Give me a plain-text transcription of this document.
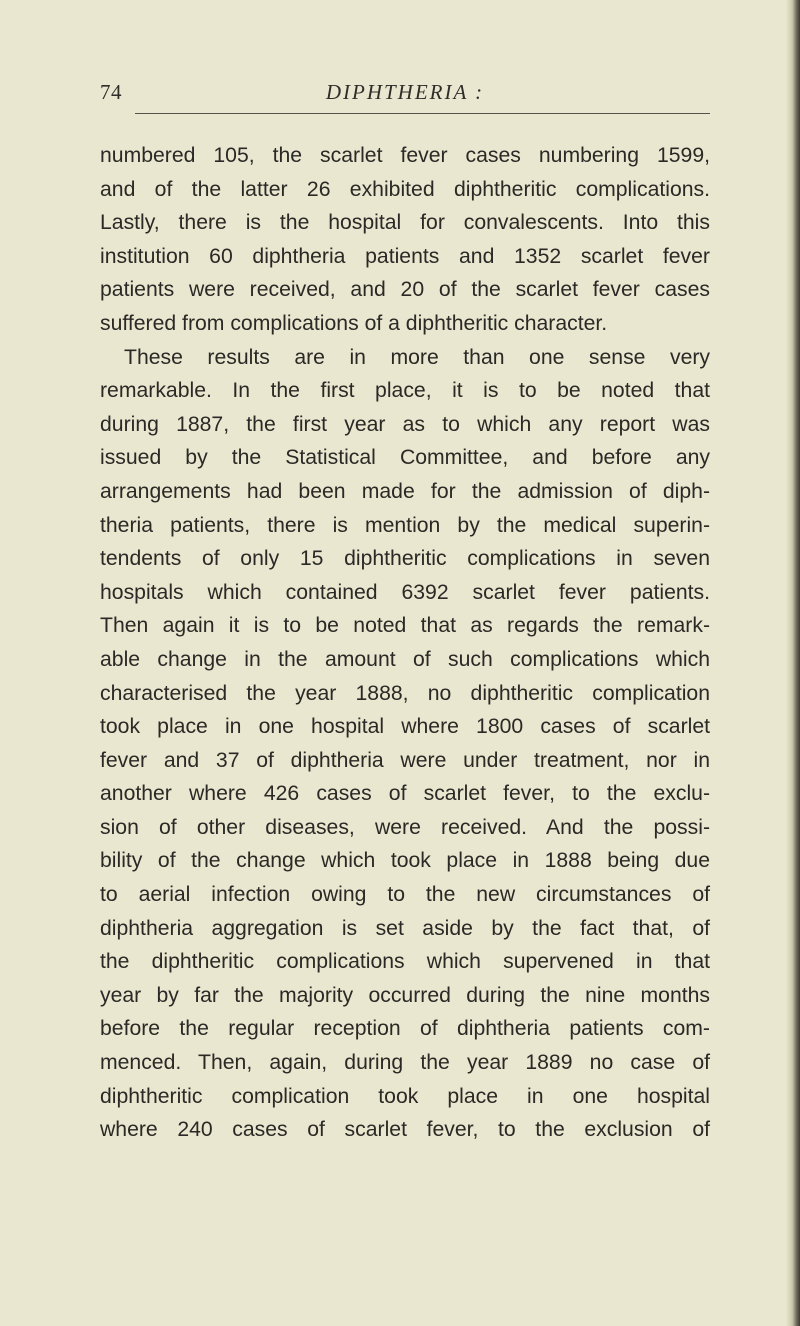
74	DIPHTHERIA :
numbered 105, the scarlet fever cases numbering 1599,
and of the latter 26 exhibited diphtheritic complications.
Lastly, there is the hospital for convalescents. Into this
institution 60 diphtheria patients and 1352 scarlet fever
patients were received, and 20 of the scarlet fever cases
suffered from complications of a diphtheritic character.
These results are in more than one sense very
remarkable. In the first place, it is to be noted that
during 1887, the first year as to which any report was
issued by the Statistical Committee, and before any
arrangements had been made for the admission of diph-
theria patients, there is mention by the medical superin-
tendents of only 15 diphtheritic complications in seven
hospitals which contained 6392 scarlet fever patients.
Then again it is to be noted that as regards the remark-
able change in the amount of such complications which
characterised the year 1888, no diphtheritic complication
took place in one hospital where 1800 cases of scarlet
fever and 37 of diphtheria were under treatment, nor in
another where 426 cases of scarlet fever, to the exclu-
sion of other diseases, were received. And the possi-
bility of the change which took place in 1888 being due
to aerial infection owing to the new circumstances of
diphtheria aggregation is set aside by the fact that, of
the diphtheritic complications which supervened in that
year by far the majority occurred during the nine months
before the regular reception of diphtheria patients com-
menced. Then, again, during the year 1889 no case of
diphtheritic complication took place in one hospital
where 240 cases of scarlet fever, to the exclusion of
